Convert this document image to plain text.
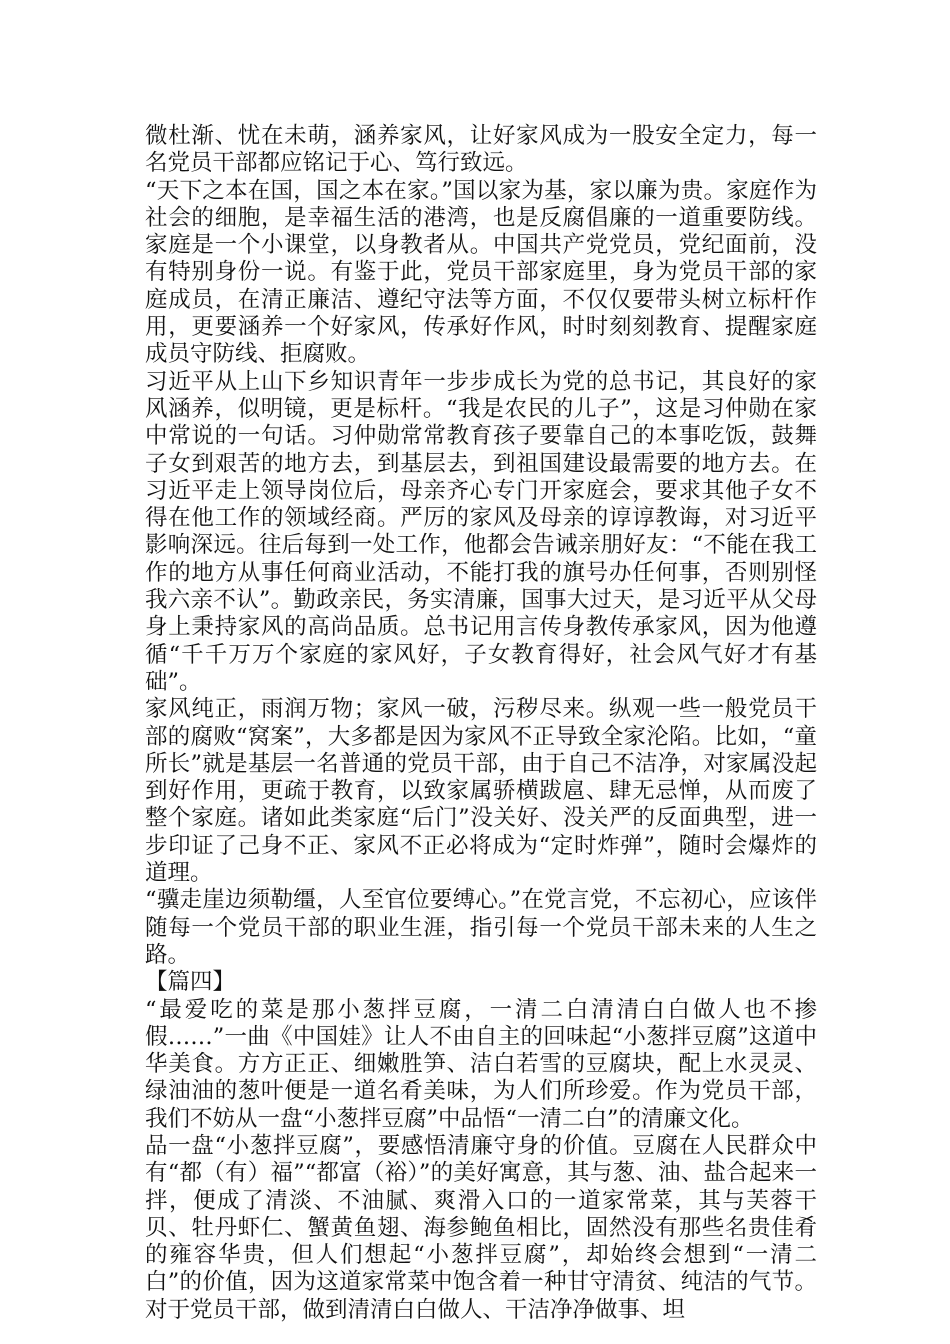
微杜渐、忧在未萌，涵养家风，让好家风成为一股安全定力，每一名党员干部都应铭记于心、笃行致远。

“天下之本在国，国之本在家。”国以家为基，家以廉为贵。家庭作为社会的细胞，是幸福生活的港湾，也是反腐倡廉的一道重要防线。家庭是一个小课堂，以身教者从。中国共产党党员，党纪面前，没有特别身份一说。有鉴于此，党员干部家庭里，身为党员干部的家庭成员，在清正廉洁、遵纪守法等方面，不仅仅要带头树立标杆作用，更要涵养一个好家风，传承好作风，时时刻刻教育、提醒家庭成员守防线、拒腐败。

习近平从上山下乡知识青年一步步成长为党的总书记，其良好的家风涵养，似明镜，更是标杆。“我是农民的儿子”，这是习仲勋在家中常说的一句话。习仲勋常常教育孩子要靠自己的本事吃饭，鼓舞子女到艰苦的地方去，到基层去，到祖国建设最需要的地方去。在习近平走上领导岗位后，母亲齐心专门开家庭会，要求其他子女不得在他工作的领域经商。严厉的家风及母亲的谆谆教诲，对习近平影响深远。往后每到一处工作，他都会告诫亲朋好友：“不能在我工作的地方从事任何商业活动，不能打我的旗号办任何事，否则别怪我六亲不认”。勤政亲民，务实清廉，国事大过天，是习近平从父母身上秉持家风的高尚品质。总书记用言传身教传承家风，因为他遵循“千千万万个家庭的家风好，子女教育得好，社会风气好才有基础”。

家风纯正，雨润万物；家风一破，污秽尽来。纵观一些一般党员干部的腐败“窝案”，大多都是因为家风不正导致全家沦陷。比如，“童所长”就是基层一名普通的党员干部，由于自己不洁净，对家属没起到好作用，更疏于教育，以致家属骄横跋扈、肆无忌惮，从而废了整个家庭。诸如此类家庭“后门”没关好、没关严的反面典型，进一步印证了己身不正、家风不正必将成为“定时炸弹”，随时会爆炸的道理。

“骥走崖边须勒缰，人至官位要缚心。”在党言党，不忘初心，应该伴随每一个党员干部的职业生涯，指引每一个党员干部未来的人生之路。

【篇四】

“最爱吃的菜是那小葱拌豆腐，一清二白清清白白做人也不掺假……”一曲《中国娃》让人不由自主的回味起“小葱拌豆腐”这道中华美食。方方正正、细嫩胜笋、洁白若雪的豆腐块，配上水灵灵、绿油油的葱叶便是一道名肴美味，为人们所珍爱。作为党员干部，我们不妨从一盘“小葱拌豆腐”中品悟“一清二白”的清廉文化。

品一盘“小葱拌豆腐”，要感悟清廉守身的价值。豆腐在人民群众中有“都（有）福”“都富（裕）”的美好寓意，其与葱、油、盐合起来一拌，便成了清淡、不油腻、爽滑入口的一道家常菜，其与芙蓉干贝、牡丹虾仁、蟹黄鱼翅、海参鲍鱼相比，固然没有那些名贵佳肴的雍容华贵，但人们想起“小葱拌豆腐”，却始终会想到“一清二白”的价值，因为这道家常菜中饱含着一种甘守清贫、纯洁的气节。对于党员干部，做到清清白白做人、干洁净净做事、坦
